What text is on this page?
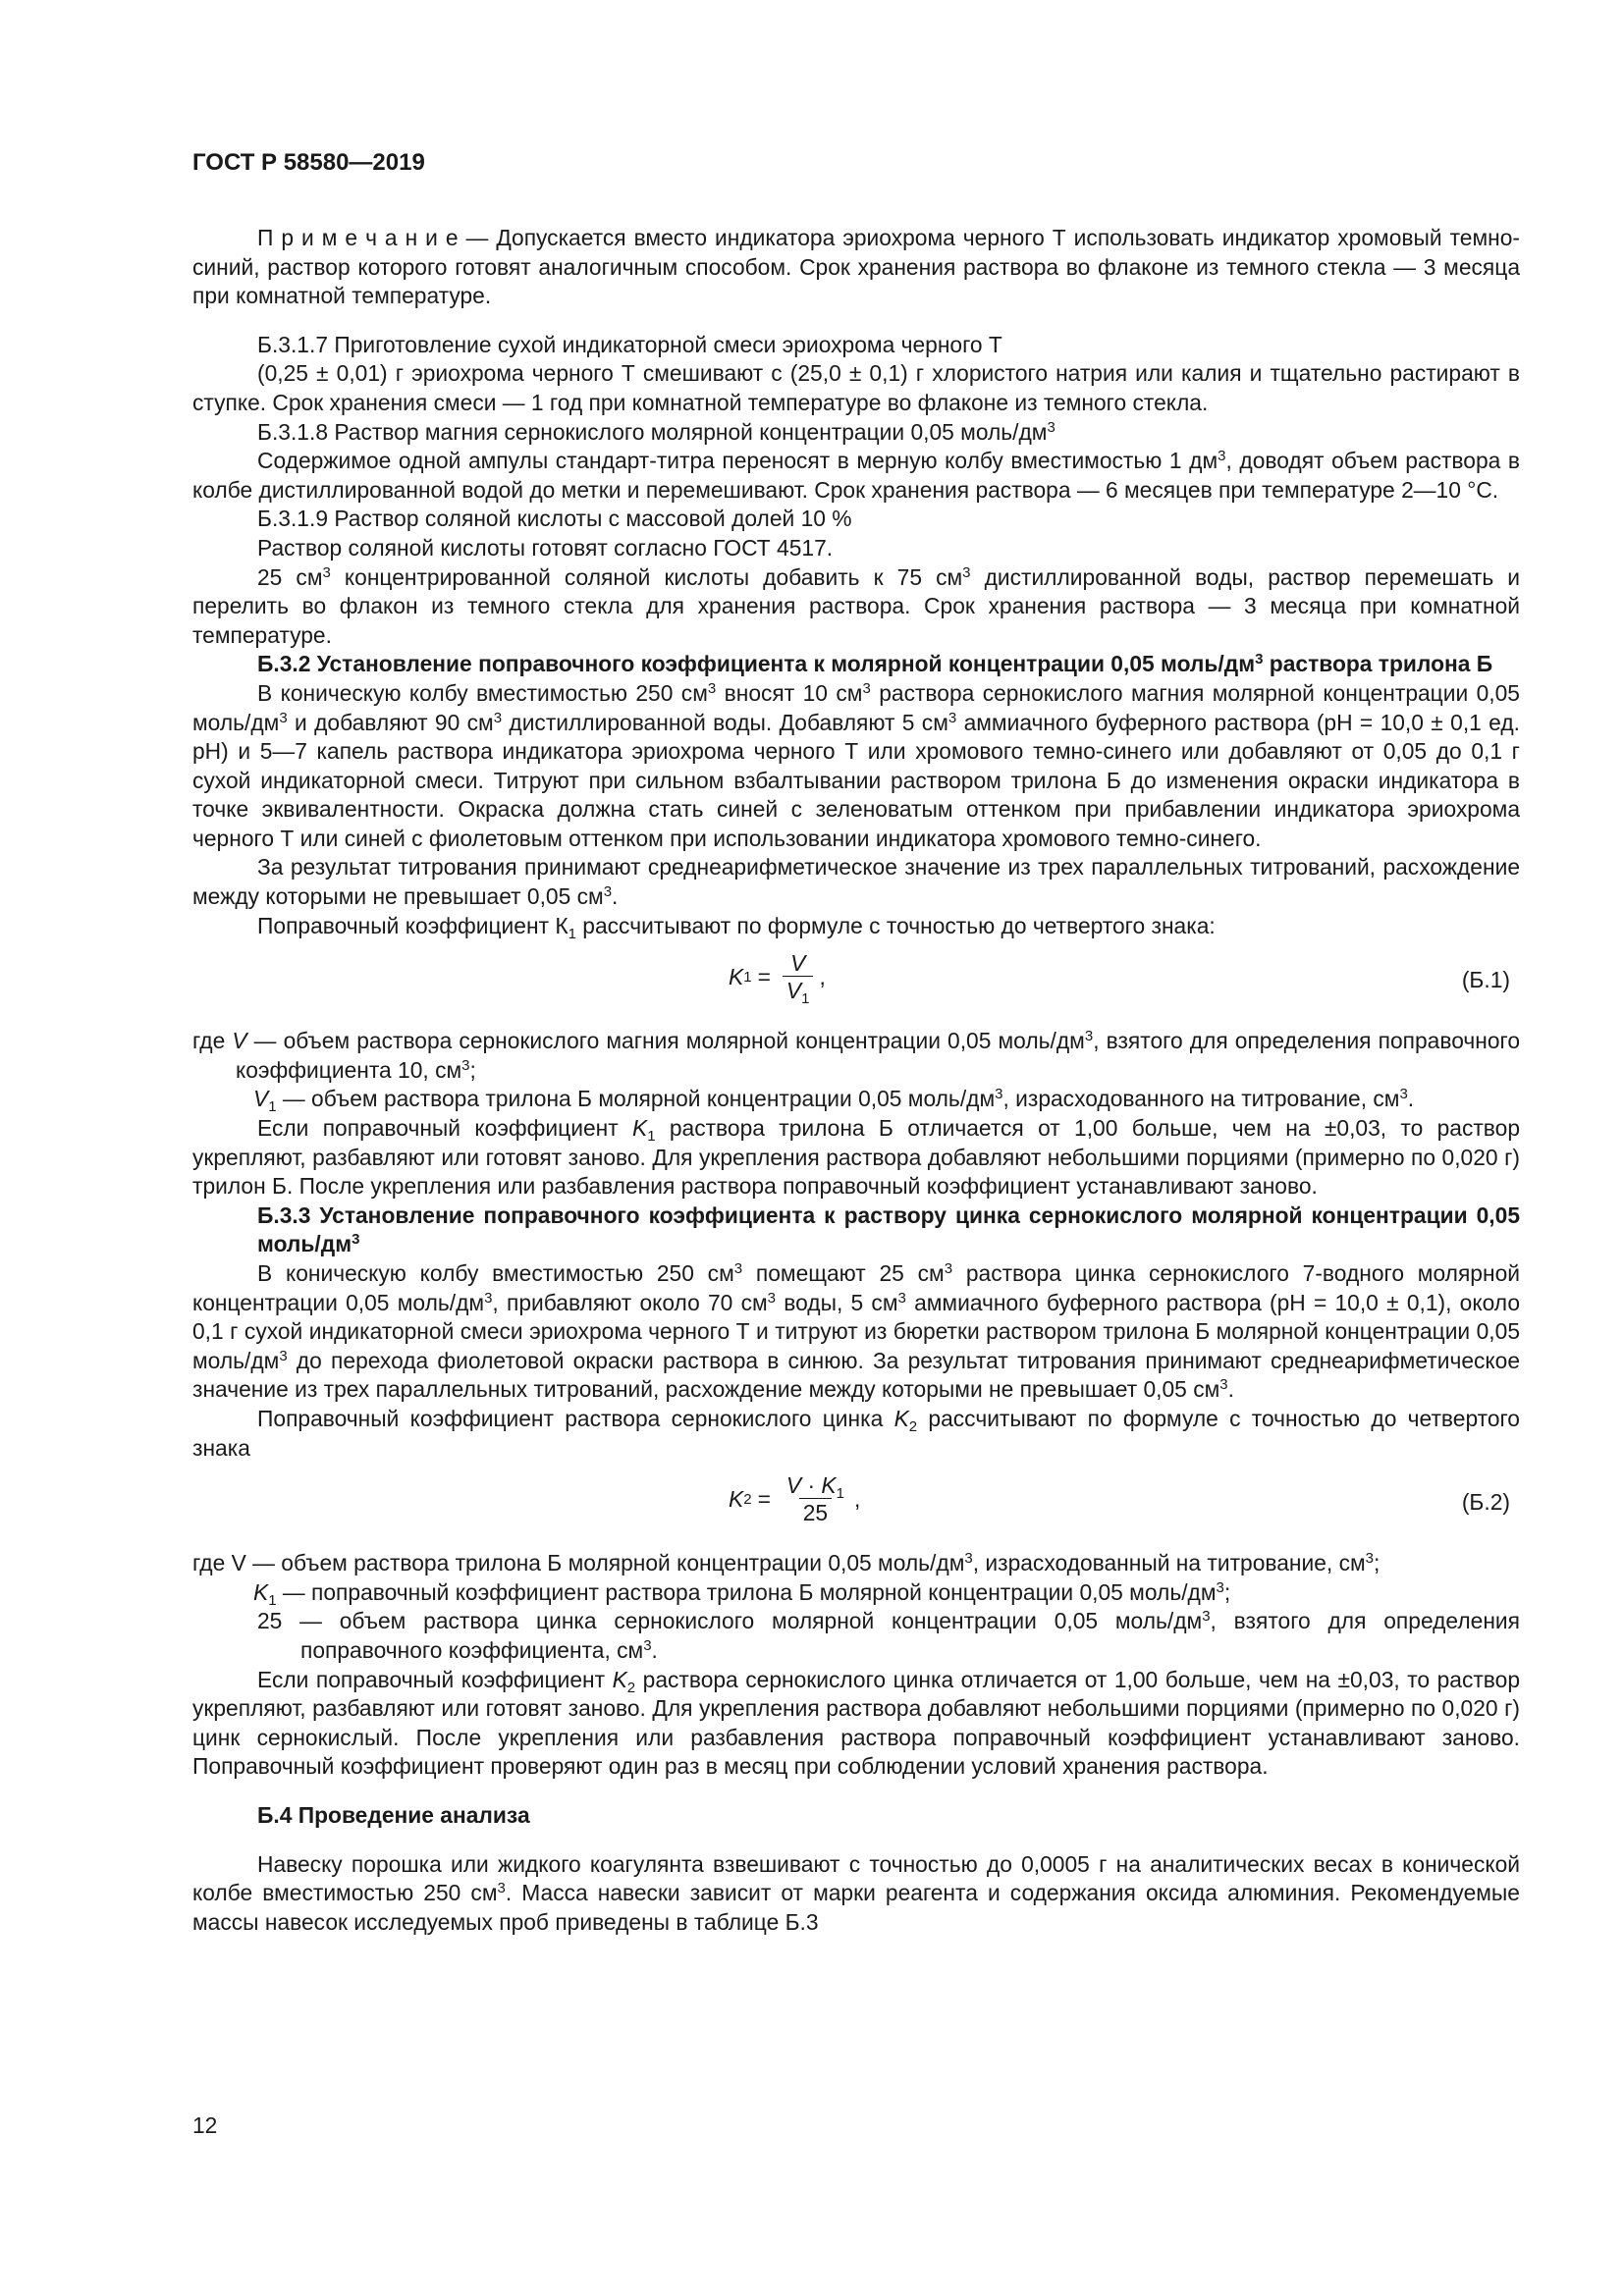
ГОСТ Р 58580—2019

П р и м е ч а н и е — Допускается вместо индикатора эриохрома черного Т использовать индикатор хромовый темно-синий, раствор которого готовят аналогичным способом. Срок хранения раствора во флаконе из темного стекла — 3 месяца при комнатной температуре.

Б.3.1.7 Приготовление сухой индикаторной смеси эриохрома черного Т

(0,25 ± 0,01) г эриохрома черного Т смешивают с (25,0 ± 0,1) г хлористого натрия или калия и тщательно растирают в ступке. Срок хранения смеси — 1 год при комнатной температуре во флаконе из темного стекла.

Б.3.1.8 Раствор магния сернокислого молярной концентрации 0,05 моль/$дм^3$

Содержимое одной ампулы стандарт-титра переносят в мерную колбу вместимостью 1 $дм^3$, доводят объем раствора в колбе дистиллированной водой до метки и перемешивают. Срок хранения раствора — 6 месяцев при температуре 2—10 °С.

Б.3.1.9 Раствор соляной кислоты с массовой долей 10 %

Раствор соляной кислоты готовят согласно ГОСТ 4517.

25 $см^3$ концентрированной соляной кислоты добавить к 75 $см^3$ дистиллированной воды, раствор перемешать и перелить во флакон из темного стекла для хранения раствора. Срок хранения раствора — 3 месяца при комнатной температуре.

Б.3.2 Установление поправочного коэффициента к молярной концентрации 0,05 моль/$дм^3$ раствора трилона Б

В коническую колбу вместимостью 250 $см^3$ вносят 10 $см^3$ раствора сернокислого магния молярной концентрации 0,05 моль/$дм^3$ и добавляют 90 $см^3$ дистиллированной воды. Добавляют 5 $см^3$ аммиачного буферного раствора (pH = 10,0 ± 0,1 ед. pH) и 5—7 капель раствора индикатора эриохрома черного Т или хромового темно-синего или добавляют от 0,05 до 0,1 г сухой индикаторной смеси. Титруют при сильном взбалтывании раствором трилона Б до изменения окраски индикатора в точке эквивалентности. Окраска должна стать синей с зеленоватым оттенком при прибавлении индикатора эриохрома черного Т или синей с фиолетовым оттенком при использовании индикатора хромового темно-синего.

За результат титрования принимают среднеарифметическое значение из трех параллельных титрований, расхождение между которыми не превышает 0,05 $см^3$.

Поправочный коэффициент $К_1$ рассчитывают по формуле с точностью до четвертого знака:

K $1 = \frac{V}{V_1}$ ,	(Б.1)

где V — объем раствора сернокислого магния молярной концентрации 0,05 моль/$дм^3$, взятого для определения поправочного коэффициента 10, $см^3$;

$V_1$ — объем раствора трилона Б молярной концентрации 0,05 моль/$дм^3$, израсходованного на титрование, $см^3$.

Если поправочный коэффициент $K_1$ раствора трилона Б отличается от 1,00 больше, чем на ±0,03, то раствор укрепляют, разбавляют или готовят заново. Для укрепления раствора добавляют небольшими порциями (примерно по 0,020 г) трилон Б. После укрепления или разбавления раствора поправочный коэффициент устанавливают заново.

Б.3.3 Установление поправочного коэффициента к раствору цинка сернокислого молярной концентрации 0,05 моль/$дм^3$

В коническую колбу вместимостью 250 $см^3$ помещают 25 $см^3$ раствора цинка сернокислого 7-водного молярной концентрации 0,05 моль/$дм^3$, прибавляют около 70 $см^3$ воды, 5 $см^3$ аммиачного буферного раствора (pH = 10,0 ± 0,1), около 0,1 г сухой индикаторной смеси эриохрома черного Т и титруют из бюретки раствором трилона Б молярной концентрации 0,05 моль/$дм^3$ до перехода фиолетовой окраски раствора в синюю. За результат титрования принимают среднеарифметическое значение из трех параллельных титрований, расхождение между которыми не превышает 0,05 $см^3$.

Поправочный коэффициент раствора сернокислого цинка $K_2$ рассчитывают по формуле с точностью до четвертого знака

K $2 = \frac{V \cdot K_1}{25}$ ,	(Б.2)

где V — объем раствора трилона Б молярной концентрации 0,05 моль/$дм^3$, израсходованный на титрование, $см^3$;

$K_1$ — поправочный коэффициент раствора трилона Б молярной концентрации 0,05 моль/$дм^3$;

25 — объем раствора цинка сернокислого молярной концентрации 0,05 моль/$дм^3$, взятого для определения поправочного коэффициента, $см^3$.

Если поправочный коэффициент $K_2$ раствора сернокислого цинка отличается от 1,00 больше, чем на ±0,03, то раствор укрепляют, разбавляют или готовят заново. Для укрепления раствора добавляют небольшими порциями (примерно по 0,020 г) цинк сернокислый. После укрепления или разбавления раствора поправочный коэффициент устанавливают заново. Поправочный коэффициент проверяют один раз в месяц при соблюдении условий хранения раствора.

Б.4 Проведение анализа

Навеску порошка или жидкого коагулянта взвешивают с точностью до 0,0005 г на аналитических весах в конической колбе вместимостью 250 $см^3$. Масса навески зависит от марки реагента и содержания оксида алюминия. Рекомендуемые массы навесок исследуемых проб приведены в таблице Б.3

12
